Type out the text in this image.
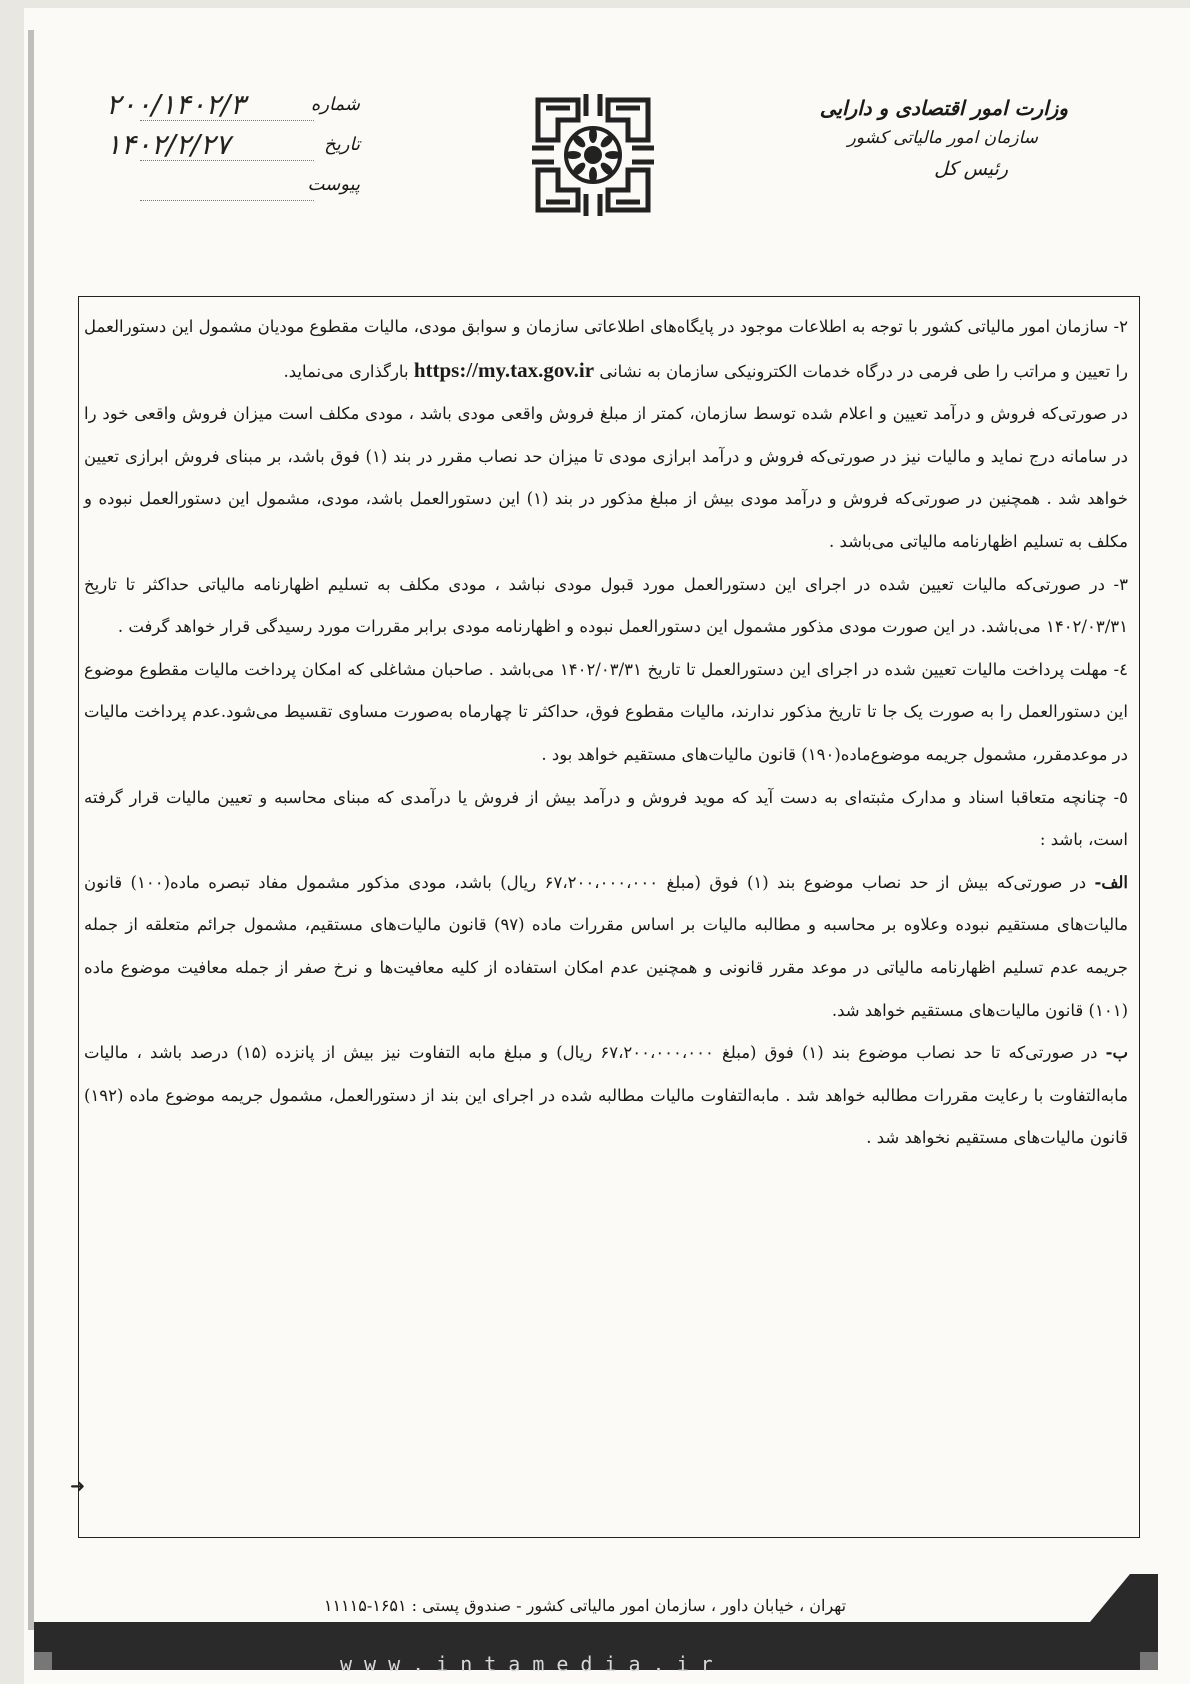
وزارت امور اقتصادی و دارایی
سازمان امور مالیاتی کشور
رئیس کل
شماره
۲۰۰/۱۴۰۲/۳
تاریخ
۱۴۰۲/۲/۲۷
پیوست

۲- سازمان امور مالیاتی کشور با توجه به اطلاعات موجود در پایگاه‌های اطلاعاتی سازمان و سوابق مودی، مالیات مقطوع مودیان مشمول این دستورالعمل را تعیین و مراتب را طی فرمی در درگاه خدمات الکترونیکی سازمان به نشانی https://my.tax.gov.ir بارگذاری می‌نماید.

در صورتی‌که فروش و درآمد تعیین و اعلام شده توسط سازمان، کمتر از مبلغ فروش واقعی مودی باشد ، مودی مکلف است میزان فروش واقعی خود را در سامانه درج نماید و مالیات نیز در صورتی‌که فروش و درآمد ابرازی مودی تا میزان حد نصاب مقرر در بند (۱) فوق باشد، بر مبنای فروش ابرازی تعیین خواهد شد . همچنین در صورتی‌که فروش و درآمد مودی بیش از مبلغ مذکور در بند (۱) این دستورالعمل باشد، مودی، مشمول این دستورالعمل نبوده و مکلف به تسلیم اظهارنامه مالیاتی می‌باشد .

۳- در صورتی‌که مالیات تعیین شده در اجرای این دستورالعمل مورد قبول مودی نباشد ، مودی مکلف به تسلیم اظهارنامه مالیاتی حداکثر تا تاریخ ۱۴۰۲/۰۳/۳۱ می‌باشد. در این صورت مودی مذکور مشمول این دستورالعمل نبوده و اظهارنامه مودی برابر مقررات مورد رسیدگی قرار خواهد گرفت .

٤- مهلت پرداخت مالیات تعیین شده در اجرای این دستورالعمل تا تاریخ ۱۴۰۲/۰۳/۳۱ می‌باشد . صاحبان مشاغلی که امکان پرداخت مالیات مقطوع موضوع این دستورالعمل را به صورت یک جا تا تاریخ مذکور ندارند، مالیات مقطوع فوق، حداکثر تا چهارماه به‌صورت مساوی تقسیط می‌شود.عدم پرداخت مالیات در موعدمقرر، مشمول جریمه موضوع‌ماده(۱۹۰) قانون مالیات‌های مستقیم خواهد بود .

٥- چنانچه متعاقبا اسناد و مدارک مثبته‌ای به دست آید که موید فروش و درآمد بیش از فروش یا درآمدی که مبنای محاسبه و تعیین مالیات قرار گرفته است، باشد :

الف- در صورتی‌که بیش از حد نصاب موضوع بند (۱) فوق (مبلغ ۶۷،۲۰۰،۰۰۰،۰۰۰ ریال) باشد، مودی مذکور مشمول مفاد تبصره ماده(۱۰۰) قانون مالیات‌های مستقیم نبوده وعلاوه بر محاسبه و مطالبه مالیات بر اساس مقررات ماده (۹۷) قانون مالیات‌های مستقیم، مشمول جرائم متعلقه از جمله جریمه عدم تسلیم اظهارنامه مالیاتی در موعد مقرر قانونی و همچنین عدم امکان استفاده از کلیه معافیت‌ها و نرخ صفر از جمله معافیت موضوع ماده (۱۰۱) قانون مالیات‌های مستقیم خواهد شد.

ب- در صورتی‌که تا حد نصاب موضوع بند (۱) فوق (مبلغ ۶۷،۲۰۰،۰۰۰،۰۰۰ ریال) و مبلغ مابه التفاوت نیز بیش از پانزده (۱۵) درصد باشد ، مالیات مابه‌التفاوت با رعایت مقررات مطالبه خواهد شد . مابه‌التفاوت مالیات مطالبه شده در اجرای این بند از دستورالعمل، مشمول جریمه موضوع ماده (۱۹۲) قانون مالیات‌های مستقیم نخواهد شد .

➜
تهران ، خیابان داور ، سازمان امور مالیاتی کشور - صندوق پستی : ۱۶۵۱-۱۱۱۱۵
www.intamedia.ir
